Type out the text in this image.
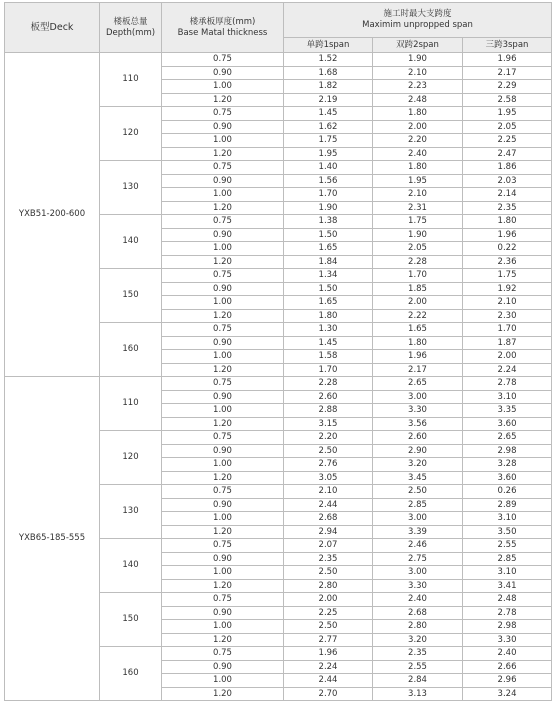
板型Deck	楼板总量
Depth(mm)	楼承板厚度(mm)
Base Matal thickness	施工时最大支跨度
Maximim unpropped span		
			单跨1span	双跨2span	三跨3span
YXB51-200-600	110	0.75	1.52	1.90	1.96
		0.90	1.68	2.10	2.17
		1.00	1.82	2.23	2.29
		1.20	2.19	2.48	2.58
	120	0.75	1.45	1.80	1.95
		0.90	1.62	2.00	2.05
		1.00	1.75	2.20	2.25
		1.20	1.95	2.40	2.47
	130	0.75	1.40	1.80	1.86
		0.90	1.56	1.95	2.03
		1.00	1.70	2.10	2.14
		1.20	1.90	2.31	2.35
	140	0.75	1.38	1.75	1.80
		0.90	1.50	1.90	1.96
		1.00	1.65	2.05	0.22
		1.20	1.84	2.28	2.36
	150	0.75	1.34	1.70	1.75
		0.90	1.50	1.85	1.92
		1.00	1.65	2.00	2.10
		1.20	1.80	2.22	2.30
	160	0.75	1.30	1.65	1.70
		0.90	1.45	1.80	1.87
		1.00	1.58	1.96	2.00
		1.20	1.70	2.17	2.24
YXB65-185-555	110	0.75	2.28	2.65	2.78
		0.90	2.60	3.00	3.10
		1.00	2.88	3.30	3.35
		1.20	3.15	3.56	3.60
	120	0.75	2.20	2.60	2.65
		0.90	2.50	2.90	2.98
		1.00	2.76	3.20	3.28
		1.20	3.05	3.45	3.60
	130	0.75	2.10	2.50	0.26
		0.90	2.44	2.85	2.89
		1.00	2.68	3.00	3.10
		1.20	2.94	3.39	3.50
	140	0.75	2.07	2.46	2.55
		0.90	2.35	2.75	2.85
		1.00	2.50	3.00	3.10
		1.20	2.80	3.30	3.41
	150	0.75	2.00	2.40	2.48
		0.90	2.25	2.68	2.78
		1.00	2.50	2.80	2.98
		1.20	2.77	3.20	3.30
	160	0.75	1.96	2.35	2.40
		0.90	2.24	2.55	2.66
		1.00	2.44	2.84	2.96
		1.20	2.70	3.13	3.24
